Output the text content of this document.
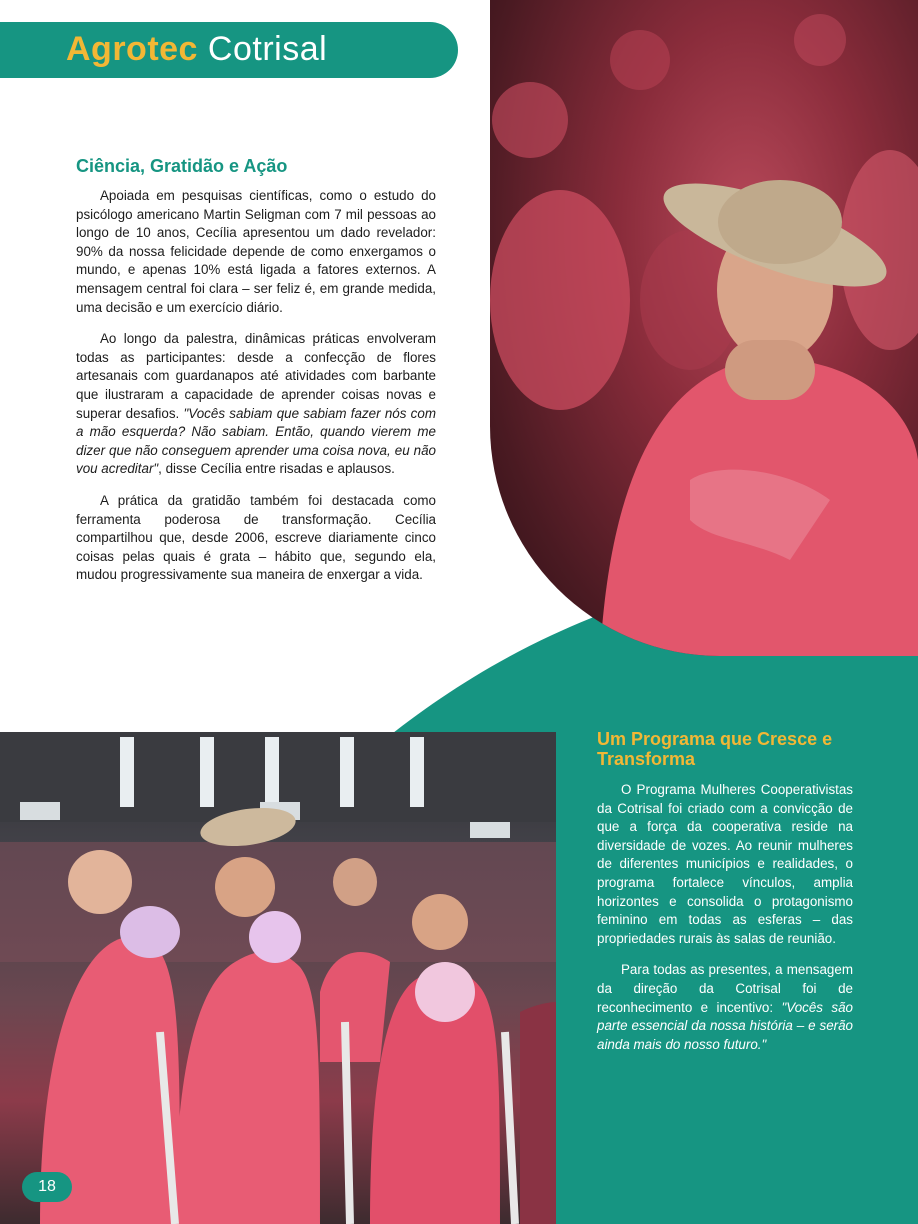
Agrotec Cotrisal
Ciência, Gratidão e Ação

Apoiada em pesquisas científicas, como o estudo do psicólogo americano Martin Seligman com 7 mil pessoas ao longo de 10 anos, Cecília apresentou um dado revelador: 90% da nossa felicidade depende de como enxergamos o mundo, e apenas 10% está ligada a fatores externos. A mensagem central foi clara – ser feliz é, em grande medida, uma decisão e um exercício diário.

Ao longo da palestra, dinâmicas práticas envolveram todas as participantes: desde a confecção de flores artesanais com guardanapos até atividades com barbante que ilustraram a capacidade de aprender coisas novas e superar desafios. "Vocês sabiam que sabiam fazer nós com a mão esquerda? Não sabiam. Então, quando vierem me dizer que não conseguem aprender uma coisa nova, eu não vou acreditar", disse Cecília entre risadas e aplausos.

A prática da gratidão também foi destacada como ferramenta poderosa de transformação. Cecília compartilhou que, desde 2006, escreve diariamente cinco coisas pelas quais é grata – hábito que, segundo ela, mudou progressivamente sua maneira de enxergar a vida.

Um Programa que Cresce e Transforma

O Programa Mulheres Cooperativistas da Cotrisal foi criado com a convicção de que a força da cooperativa reside na diversidade de vozes. Ao reunir mulheres de diferentes municípios e realidades, o programa fortalece vínculos, amplia horizontes e consolida o protagonismo feminino em todas as esferas – das propriedades rurais às salas de reunião.

Para todas as presentes, a mensagem da direção da Cotrisal foi de reconhecimento e incentivo: "Vocês são parte essencial da nossa história – e serão ainda mais do nosso futuro."

18
